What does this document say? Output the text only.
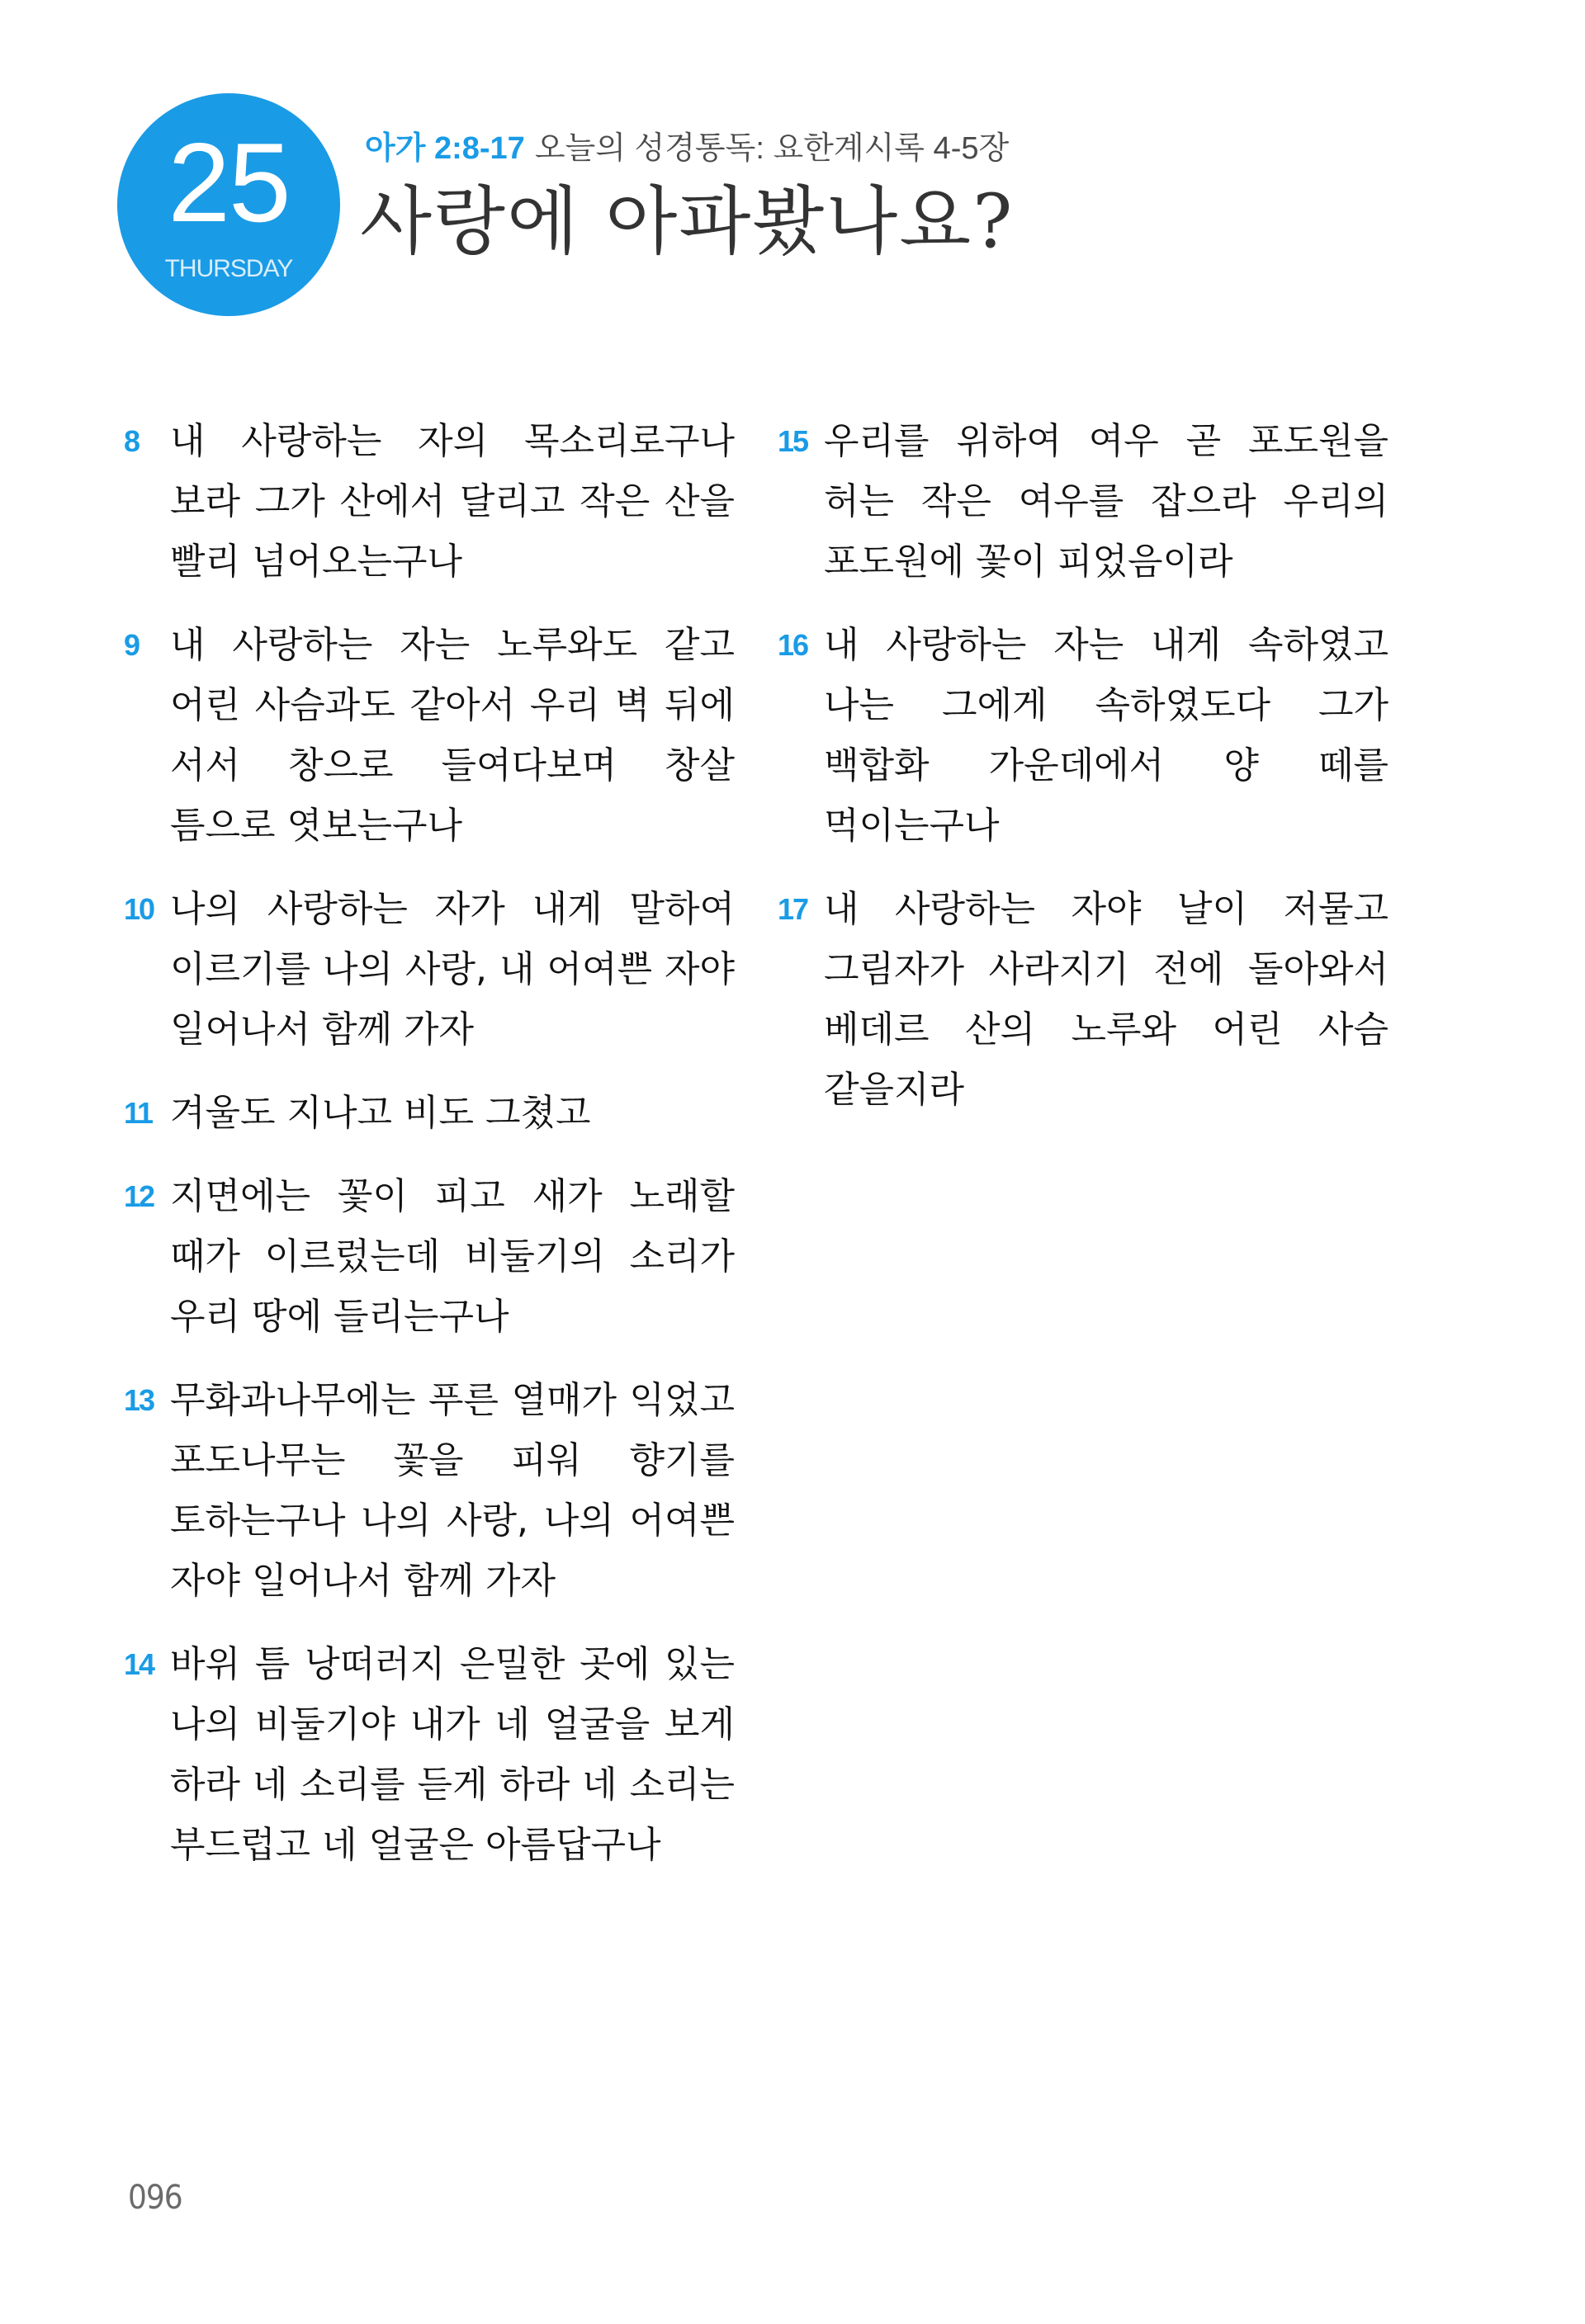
25
THURSDAY
아가 2:8-17 오늘의 성경통독: 요한계시록 4-5장
사랑에 아파봤나요?
8 내 사랑하는 자의 목소리로구나 보라 그가 산에서 달리고 작은 산을 빨리 넘어오는구나
9 내 사랑하는 자는 노루와도 같고 어린 사슴과도 같아서 우리 벽 뒤에 서서 창으로 들여다보며 창살 틈으로 엿보는구나
10 나의 사랑하는 자가 내게 말하여 이르기를 나의 사랑, 내 어여쁜 자야 일어나서 함께 가자
11 겨울도 지나고 비도 그쳤고
12 지면에는 꽃이 피고 새가 노래할 때가 이르렀는데 비둘기의 소리가 우리 땅에 들리는구나
13 무화과나무에는 푸른 열매가 익었고 포도나무는 꽃을 피워 향기를 토하는구나 나의 사랑, 나의 어여쁜 자야 일어나서 함께 가자
14 바위 틈 낭떠러지 은밀한 곳에 있는 나의 비둘기야 내가 네 얼굴을 보게 하라 네 소리를 듣게 하라 네 소리는 부드럽고 네 얼굴은 아름답구나
15 우리를 위하여 여우 곧 포도원을 허는 작은 여우를 잡으라 우리의 포도원에 꽃이 피었음이라
16 내 사랑하는 자는 내게 속하였고 나는 그에게 속하였도다 그가 백합화 가운데에서 양 떼를 먹이는구나
17 내 사랑하는 자야 날이 저물고 그림자가 사라지기 전에 돌아와서 베데르 산의 노루와 어린 사슴 같을지라
096
